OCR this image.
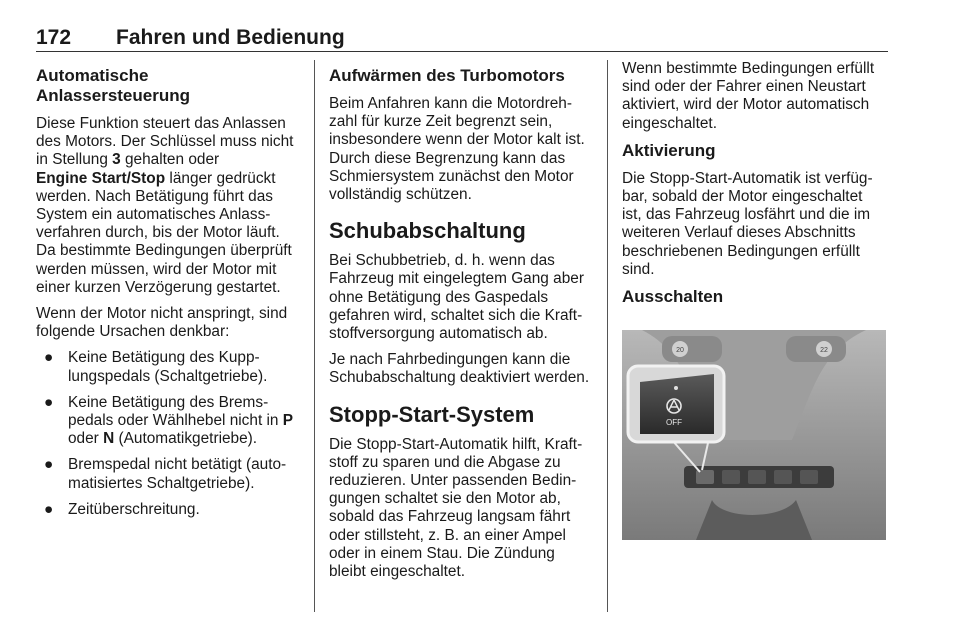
172 Fahren und Bedienung
Automatische Anlassersteuerung

Diese Funktion steuert das Anlassen des Motors. Der Schlüssel muss nicht in Stellung 3 gehalten oder
Engine Start/Stop länger gedrückt werden. Nach Betätigung führt das System ein automatisches Anlassverfahren durch, bis der Motor läuft. Da bestimmte Bedingungen überprüft werden müssen, wird der Motor mit einer kurzen Verzögerung gestartet.

Wenn der Motor nicht anspringt, sind folgende Ursachen denkbar:

● Keine Betätigung des Kupplungspedals (Schaltgetriebe).
● Keine Betätigung des Bremspedals oder Wählhebel nicht in P oder N (Automatikgetriebe).
● Bremspedal nicht betätigt (automatisiertes Schaltgetriebe).
● Zeitüberschreitung.
Aufwärmen des Turbomotors

Beim Anfahren kann die Motordrehzahl für kurze Zeit begrenzt sein, insbesondere wenn der Motor kalt ist. Durch diese Begrenzung kann das Schmiersystem zunächst den Motor vollständig schützen.

Schubabschaltung

Bei Schubbetrieb, d. h. wenn das Fahrzeug mit eingelegtem Gang aber ohne Betätigung des Gaspedals gefahren wird, schaltet sich die Kraftstoffversorgung automatisch ab.

Je nach Fahrbedingungen kann die Schubabschaltung deaktiviert werden.

Stopp-Start-System

Die Stopp-Start-Automatik hilft, Kraftstoff zu sparen und die Abgase zu reduzieren. Unter passenden Bedingungen schaltet sie den Motor ab, sobald das Fahrzeug langsam fährt oder stillsteht, z. B. an einer Ampel oder in einem Stau. Die Zündung bleibt eingeschaltet.

Wenn bestimmte Bedingungen erfüllt sind oder der Fahrer einen Neustart aktiviert, wird der Motor automatisch eingeschaltet.

Aktivierung

Die Stopp-Start-Automatik ist verfügbar, sobald der Motor eingeschaltet ist, das Fahrzeug losfährt und die im weiteren Verlauf dieses Abschnitts beschriebenen Bedingungen erfüllt sind.

Ausschalten
20	22
OFF
